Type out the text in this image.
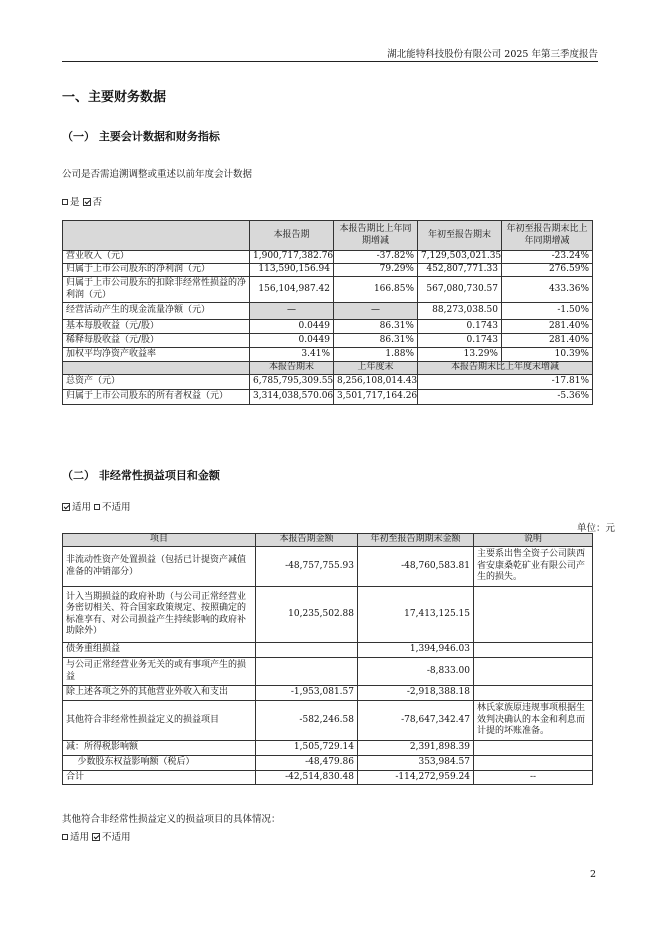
湖北能特科技股份有限公司 2025 年第三季度报告
一、主要财务数据
（一） 主要会计数据和财务指标
公司是否需追溯调整或重述以前年度会计数据
是 否
	本报告期	本报告期比上年同期增减	年初至报告期末	年初至报告期末比上年同期增减
营业收入（元）	1,900,717,382.76	-37.82%	7,129,503,021.35	-23.24%
归属于上市公司股东的净利润（元）	113,590,156.94	79.29%	452,807,771.33	276.59%
归属于上市公司股东的扣除非经常性损益的净利润（元）	156,104,987.42	166.85%	567,080,730.57	433.36%
经营活动产生的现金流量净额（元）	—	—	88,273,038.50	-1.50%
基本每股收益（元/股）	0.0449	86.31%	0.1743	281.40%
稀释每股收益（元/股）	0.0449	86.31%	0.1743	281.40%
加权平均净资产收益率	3.41%	1.88%	13.29%	10.39%
	本报告期末	上年度末	本报告期末比上年度末增减	
总资产（元）	6,785,795,309.55	8,256,108,014.43	-17.81%	
归属于上市公司股东的所有者权益（元）	3,314,038,570.06	3,501,717,164.26	-5.36%	
（二） 非经常性损益项目和金额
适用 不适用
单位：元
项目	本报告期金额	年初至报告期期末金额	说明
非流动性资产处置损益（包括已计提资产减值准备的冲销部分）	-48,757,755.93	-48,760,583.81	主要系出售全资子公司陕西省安康桑乾矿业有限公司产生的损失。
计入当期损益的政府补助（与公司正常经营业务密切相关、符合国家政策规定、按照确定的标准享有、对公司损益产生持续影响的政府补助除外）	10,235,502.88	17,413,125.15	
债务重组损益		1,394,946.03	
与公司正常经营业务无关的或有事项产生的损益		-8,833.00	
除上述各项之外的其他营业外收入和支出	-1,953,081.57	-2,918,388.18	
其他符合非经常性损益定义的损益项目	-582,246.58	-78,647,342.47	林氏家族原违规事项根据生效判决确认的本金和利息而计提的坏账准备。
减：所得税影响额	1,505,729.14	2,391,898.39	
少数股东权益影响额（税后）	-48,479.86	353,984.57	
合计	-42,514,830.48	-114,272,959.24	--
其他符合非经常性损益定义的损益项目的具体情况：
适用 不适用
2
